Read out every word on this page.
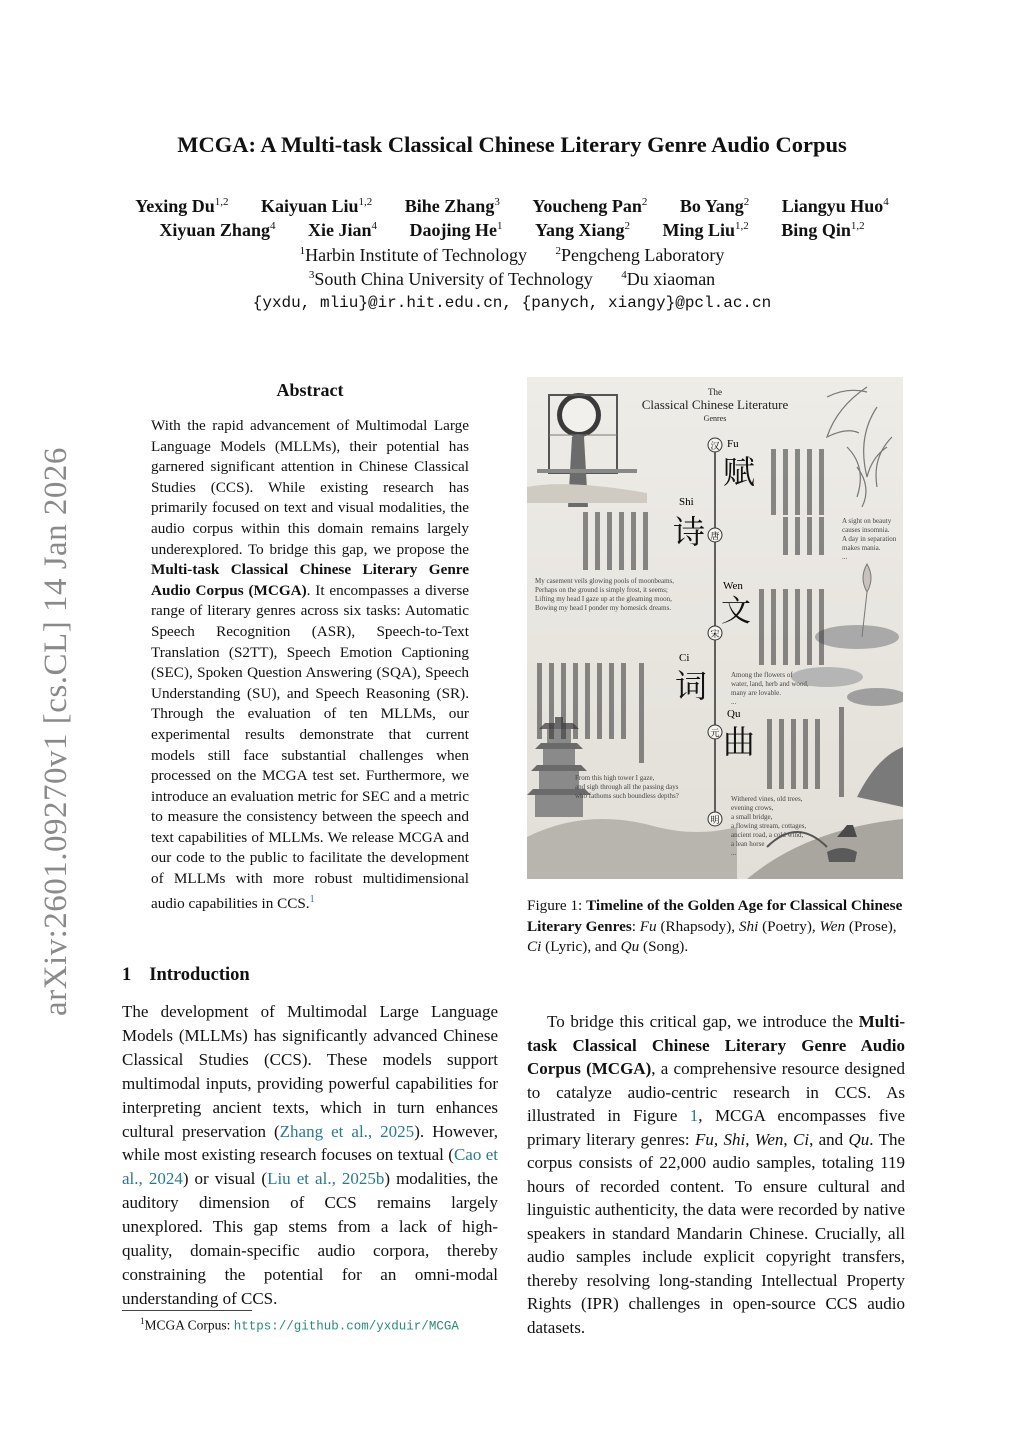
arXiv:2601.09270v1 [cs.CL] 14 Jan 2026
MCGA: A Multi-task Classical Chinese Literary Genre Audio Corpus
Yexing Du$^{1,2}$ Kaiyuan Liu$^{1,2}$ Bihe Zhang$^3$ Youcheng Pan$^2$ Bo Yang$^2$ Liangyu Huo$^4$
Xiyuan Zhang$^4$ Xie Jian$^4$ Daojing He$^1$ Yang Xiang$^2$ Ming Liu$^{1,2}$ Bing Qin$^{1,2}$
$^1$Harbin Institute of Technology	$^2$Pengcheng Laboratory
$^3$South China University of Technology	$^4$Du xiaoman
{yxdu, mliu}@ir.hit.edu.cn, {panych, xiangy}@pcl.ac.cn
Abstract
With the rapid advancement of Multimodal Large Language Models (MLLMs), their potential has garnered significant attention in Chinese Classical Studies (CCS). While existing research has primarily focused on text and visual modalities, the audio corpus within this domain remains largely underexplored. To bridge this gap, we propose the Multi-task Classical Chinese Literary Genre Audio Corpus (MCGA). It encompasses a diverse range of literary genres across six tasks: Automatic Speech Recognition (ASR), Speech-to-Text Translation (S2TT), Speech Emotion Captioning (SEC), Spoken Question Answering (SQA), Speech Understanding (SU), and Speech Reasoning (SR). Through the evaluation of ten MLLMs, our experimental results demonstrate that current models still face substantial challenges when processed on the MCGA test set. Furthermore, we introduce an evaluation metric for SEC and a metric to measure the consistency between the speech and text capabilities of MLLMs. We release MCGA and our code to the public to facilitate the development of MLLMs with more robust multidimensional audio capabilities in CCS.$^1$
1 Introduction
The development of Multimodal Large Language Models (MLLMs) has significantly advanced Chinese Classical Studies (CCS). These models support multimodal inputs, providing powerful capabilities for interpreting ancient texts, which in turn enhances cultural preservation (Zhang et al., 2025). However, while most existing research focuses on textual (Cao et al., 2024) or visual (Liu et al., 2025b) modalities, the auditory dimension of CCS remains largely unexplored. This gap stems from a lack of high-quality, domain-specific audio corpora, thereby constraining the potential for an omni-modal understanding of CCS.
$^1$MCGA Corpus: https://github.com/yxduir/MCGA
The
Classical Chinese Literature
Genres
汉
唐
宋
元
明
Fu
赋
Shi
诗
Wen
文
Ci
词
Qu
曲
My casement veils glowing pools of moonbeams,
Perhaps on the ground is simply frost, it seems;
Lifting my head I gaze up at the gleaming moon,
Bowing my head I ponder my homesick dreams.
A sight on beauty
causes insomnia.
A day in separation
makes mania.
...
Among the flowers of
water, land, herb and wood,
many are lovable.
...
From this high tower I gaze,
and sigh through all the passing days
who fathoms such boundless depths?	Withered vines, old trees,
evening crows,
a small bridge,
a flowing stream, cottages,
ancient road, a cold wind,
a lean horse
...
Figure 1: Timeline of the Golden Age for Classical Chinese Literary Genres: Fu (Rhapsody), Shi (Poetry), Wen (Prose), Ci (Lyric), and Qu (Song).

To bridge this critical gap, we introduce the Multi-task Classical Chinese Literary Genre Audio Corpus (MCGA), a comprehensive resource designed to catalyze audio-centric research in CCS. As illustrated in Figure 1, MCGA encompasses five primary literary genres: Fu, Shi, Wen, Ci, and Qu. The corpus consists of 22,000 audio samples, totaling 119 hours of recorded content. To ensure cultural and linguistic authenticity, the data were recorded by native speakers in standard Mandarin Chinese. Crucially, all audio samples include explicit copyright transfers, thereby resolving long-standing Intellectual Property Rights (IPR) challenges in open-source CCS audio datasets.
